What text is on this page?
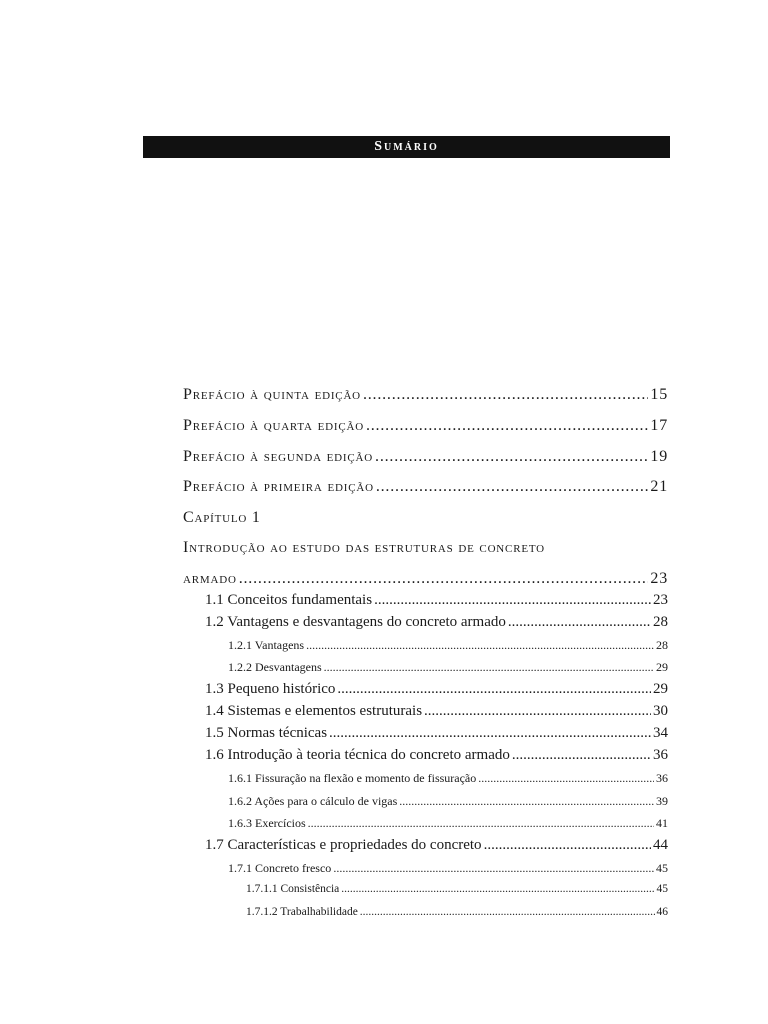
Sumário
Prefácio à quinta edição .....	15
Prefácio à quarta edição .....	17
Prefácio à segunda edição .....	19
Prefácio à primeira edição .....	21
Capítulo 1
Introdução ao estudo das estruturas de concreto
armado .....	23
1.1 Conceitos fundamentais .....	23
1.2 Vantagens e desvantagens do concreto armado .....	28
1.2.1 Vantagens .....	28
1.2.2 Desvantagens .....	29
1.3 Pequeno histórico .....	29
1.4 Sistemas e elementos estruturais .....	30
1.5 Normas técnicas .....	34
1.6 Introdução à teoria técnica do concreto armado .....	36
1.6.1 Fissuração na flexão e momento de fissuração .....	36
1.6.2 Ações para o cálculo de vigas .....	39
1.6.3 Exercícios .....	41
1.7 Características e propriedades do concreto .....	44
1.7.1 Concreto fresco .....	45
1.7.1.1 Consistência .....	45
1.7.1.2 Trabalhabilidade .....	46
